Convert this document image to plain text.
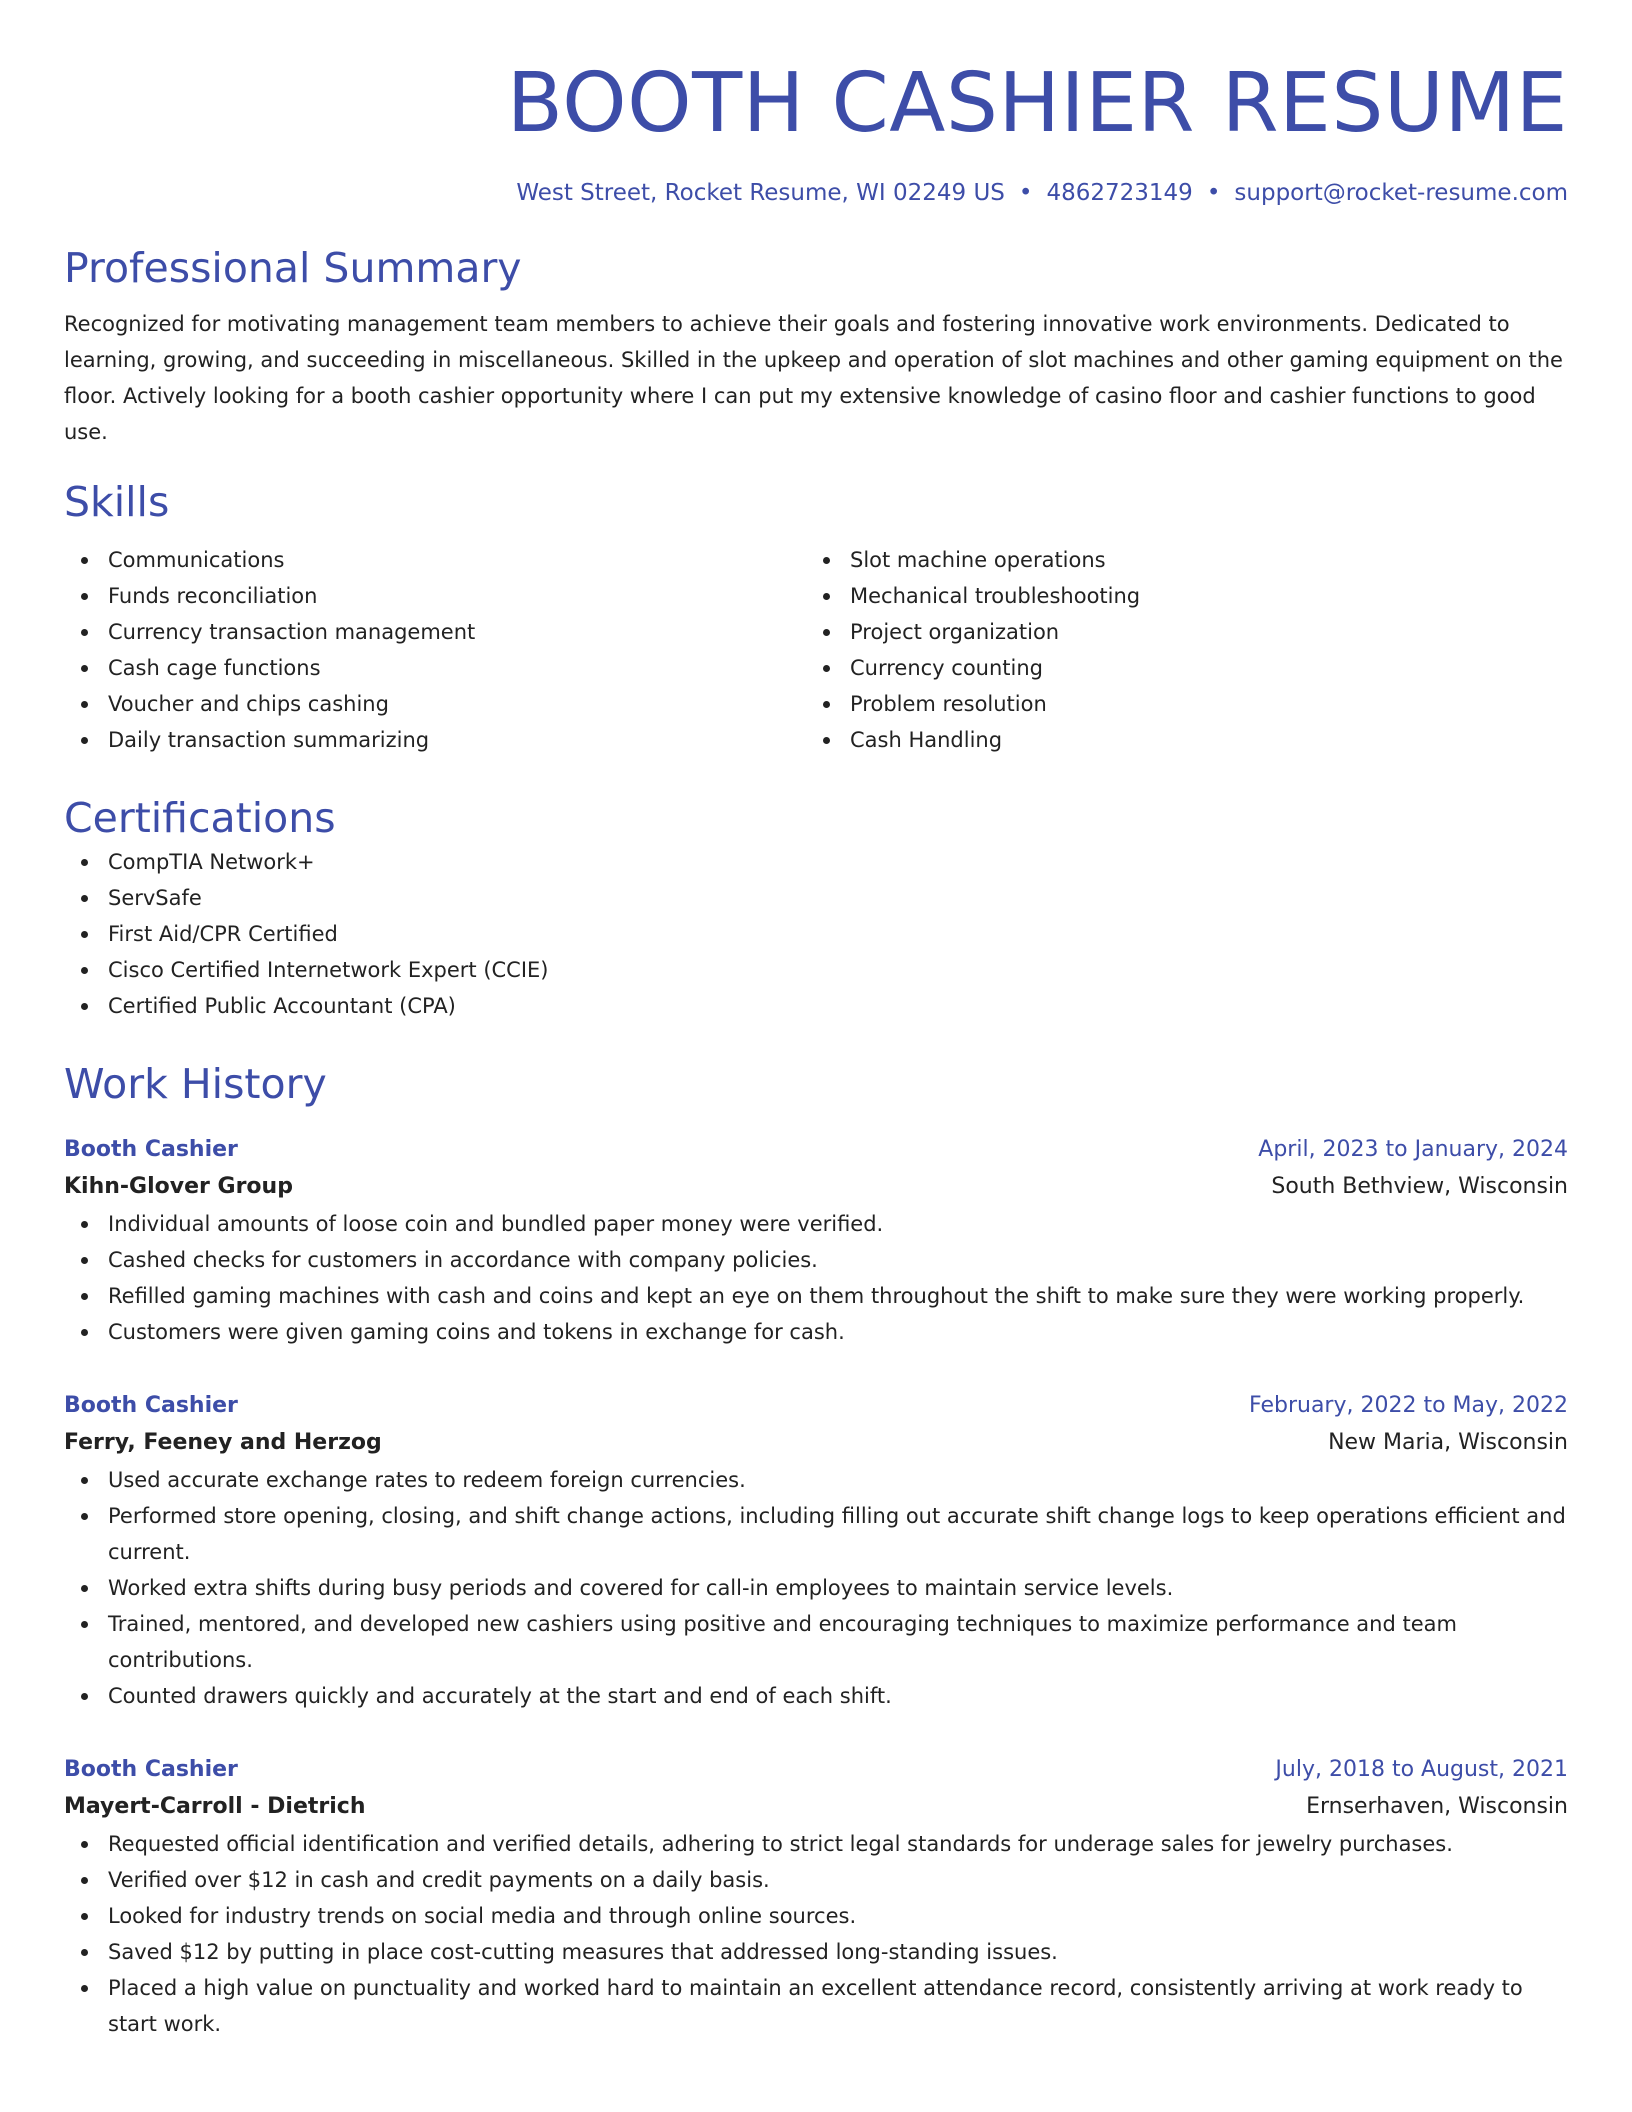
BOOTH CASHIER RESUME
West Street, Rocket Resume, WI 02249 US • 4862723149 • support@rocket-resume.com
Professional Summary
Recognized for motivating management team members to achieve their goals and fostering innovative work environments. Dedicated to learning, growing, and succeeding in miscellaneous. Skilled in the upkeep and operation of slot machines and other gaming equipment on the floor. Actively looking for a booth cashier opportunity where I can put my extensive knowledge of casino floor and cashier functions to good use.
Skills
Communications
Funds reconciliation
Currency transaction management
Cash cage functions
Voucher and chips cashing
Daily transaction summarizing
Slot machine operations
Mechanical troubleshooting
Project organization
Currency counting
Problem resolution
Cash Handling
Certifications
CompTIA Network+
ServSafe
First Aid/CPR Certified
Cisco Certified Internetwork Expert (CCIE)
Certified Public Accountant (CPA)
Work History
Booth Cashier	April, 2023 to January, 2024
Kihn-Glover Group	South Bethview, Wisconsin
Individual amounts of loose coin and bundled paper money were verified.
Cashed checks for customers in accordance with company policies.
Refilled gaming machines with cash and coins and kept an eye on them throughout the shift to make sure they were working properly.
Customers were given gaming coins and tokens in exchange for cash.
Booth Cashier	February, 2022 to May, 2022
Ferry, Feeney and Herzog	New Maria, Wisconsin
Used accurate exchange rates to redeem foreign currencies.
Performed store opening, closing, and shift change actions, including filling out accurate shift change logs to keep operations efficient and current.
Worked extra shifts during busy periods and covered for call-in employees to maintain service levels.
Trained, mentored, and developed new cashiers using positive and encouraging techniques to maximize performance and team contributions.
Counted drawers quickly and accurately at the start and end of each shift.
Booth Cashier	July, 2018 to August, 2021
Mayert-Carroll - Dietrich	Ernserhaven, Wisconsin
Requested official identification and verified details, adhering to strict legal standards for underage sales for jewelry purchases.
Verified over $12 in cash and credit payments on a daily basis.
Looked for industry trends on social media and through online sources.
Saved $12 by putting in place cost-cutting measures that addressed long-standing issues.
Placed a high value on punctuality and worked hard to maintain an excellent attendance record, consistently arriving at work ready to start work.
